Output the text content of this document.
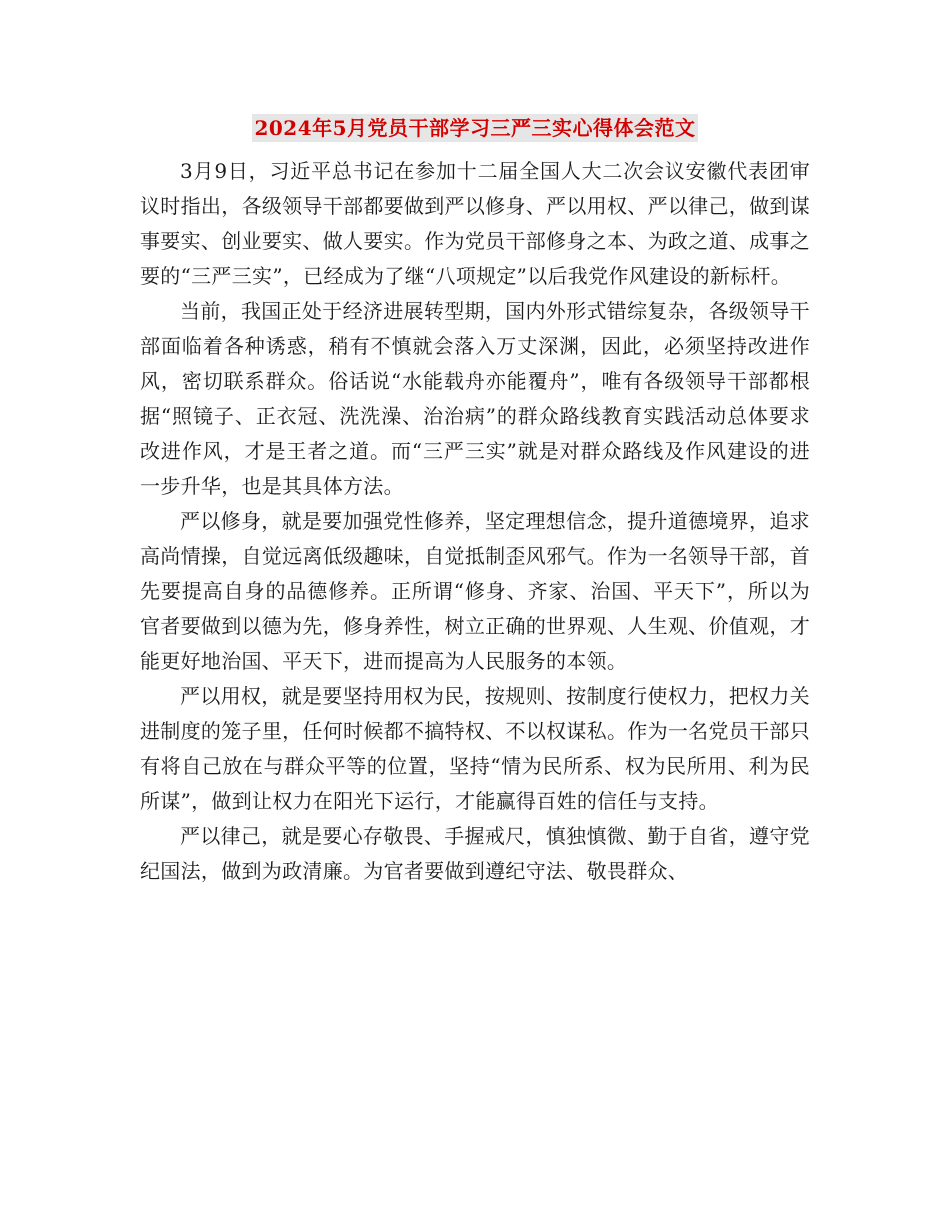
2024年5月党员干部学习三严三实心得体会范文

3月9日，习近平总书记在参加十二届全国人大二次会议安徽代表团审议时指出，各级领导干部都要做到严以修身、严以用权、严以律己，做到谋事要实、创业要实、做人要实。作为党员干部修身之本、为政之道、成事之要的“三严三实”，已经成为了继“八项规定”以后我党作风建设的新标杆。

当前，我国正处于经济进展转型期，国内外形式错综复杂，各级领导干部面临着各种诱惑，稍有不慎就会落入万丈深渊，因此，必须坚持改进作风，密切联系群众。俗话说“水能载舟亦能覆舟”，唯有各级领导干部都根据“照镜子、正衣冠、洗洗澡、治治病”的群众路线教育实践活动总体要求改进作风，才是王者之道。而“三严三实”就是对群众路线及作风建设的进一步升华，也是其具体方法。

严以修身，就是要加强党性修养，坚定理想信念，提升道德境界，追求高尚情操，自觉远离低级趣味，自觉抵制歪风邪气。作为一名领导干部，首先要提高自身的品德修养。正所谓“修身、齐家、治国、平天下”，所以为官者要做到以德为先，修身养性，树立正确的世界观、人生观、价值观，才能更好地治国、平天下，进而提高为人民服务的本领。

严以用权，就是要坚持用权为民，按规则、按制度行使权力，把权力关进制度的笼子里，任何时候都不搞特权、不以权谋私。作为一名党员干部只有将自己放在与群众平等的位置，坚持“情为民所系、权为民所用、利为民所谋”，做到让权力在阳光下运行，才能赢得百姓的信任与支持。

严以律己，就是要心存敬畏、手握戒尺，慎独慎微、勤于自省，遵守党纪国法，做到为政清廉。为官者要做到遵纪守法、敬畏群众、
